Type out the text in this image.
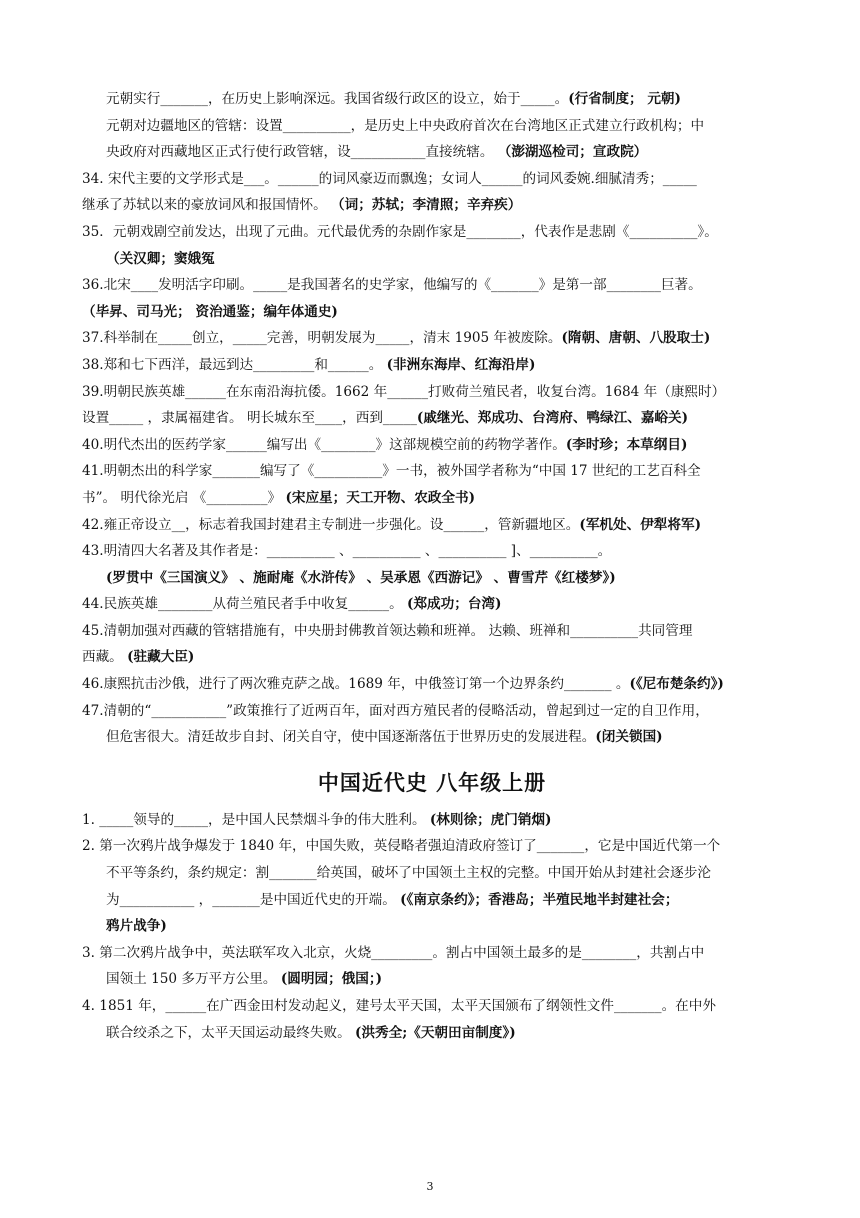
元朝实行_______，在历史上影响深远。我国省级行政区的设立，始于_____。(行省制度； 元朝)
元朝对边疆地区的管辖：设置__________，是历史上中央政府首次在台湾地区正式建立行政机构；中
央政府对西藏地区正式行使行政管辖，设___________直接统辖。 （澎湖巡检司；宣政院）
34. 宋代主要的文学形式是___。______的词风豪迈而飘逸；女词人______的词风委婉.细腻清秀；_____
继承了苏轼以来的豪放词风和报国情怀。 （词；苏轼；李清照；辛弃疾）
35．元朝戏剧空前发达，出现了元曲。元代最优秀的杂剧作家是________，代表作是悲剧《__________》。
（关汉卿；窦娥冤
36.北宋____发明活字印刷。_____是我国著名的史学家，他编写的《_______》是第一部________巨著。
（毕昇、司马光； 资治通鉴；编年体通史)
37.科举制在_____创立，_____完善，明朝发展为_____，清末 1905 年被废除。(隋朝、唐朝、八股取士)
38.郑和七下西洋，最远到达_________和______。 (非洲东海岸、红海沿岸)
39.明朝民族英雄______在东南沿海抗倭。1662 年______打败荷兰殖民者，收复台湾。1684 年（康熙时）
设置_____ ，隶属福建省。 明长城东至____，西到_____(戚继光、郑成功、台湾府、鸭绿江、嘉峪关)
40.明代杰出的医药学家______编写出《________》这部规模空前的药物学著作。(李时珍；本草纲目)
41.明朝杰出的科学家_______编写了《__________》一书，被外国学者称为“中国 17 世纪的工艺百科全
书”。 明代徐光启 《_________》 (宋应星；天工开物、农政全书)
42.雍正帝设立__，标志着我国封建君主专制进一步强化。设______，管新疆地区。(军机处、伊犁将军)
43.明清四大名著及其作者是：__________ 、__________ 、__________ ]、__________。
(罗贯中《三国演义》 、施耐庵《水浒传》 、吴承恩《西游记》 、曹雪芹《红楼梦》)
44.民族英雄________从荷兰殖民者手中收复______。 (郑成功；台湾)
45.清朝加强对西藏的管辖措施有，中央册封佛教首领达赖和班禅。 达赖、班禅和__________共同管理
西藏。 (驻藏大臣)
46.康熙抗击沙俄，进行了两次雅克萨之战。1689 年，中俄签订第一个边界条约_______ 。(《尼布楚条约》)
47.清朝的“___________”政策推行了近两百年，面对西方殖民者的侵略活动，曾起到过一定的自卫作用，
但危害很大。清廷故步自封、闭关自守，使中国逐渐落伍于世界历史的发展进程。(闭关锁国)
中国近代史 八年级上册
1. _____领导的_____，是中国人民禁烟斗争的伟大胜利。 (林则徐；虎门销烟)
2. 第一次鸦片战争爆发于 1840 年，中国失败，英侵略者强迫清政府签订了_______，它是中国近代第一个
不平等条约，条约规定：割_______给英国，破坏了中国领土主权的完整。中国开始从封建社会逐步沦
为___________ ，_______是中国近代史的开端。 (《南京条约》；香港岛；半殖民地半封建社会；
鸦片战争)
3. 第二次鸦片战争中，英法联军攻入北京，火烧_________。割占中国领土最多的是________，共割占中
国领土 150 多万平方公里。 (圆明园；俄国；)
4. 1851 年，______在广西金田村发动起义，建号太平天国，太平天国颁布了纲领性文件_______。在中外
联合绞杀之下，太平天国运动最终失败。 (洪秀全;《天朝田亩制度》)
3
